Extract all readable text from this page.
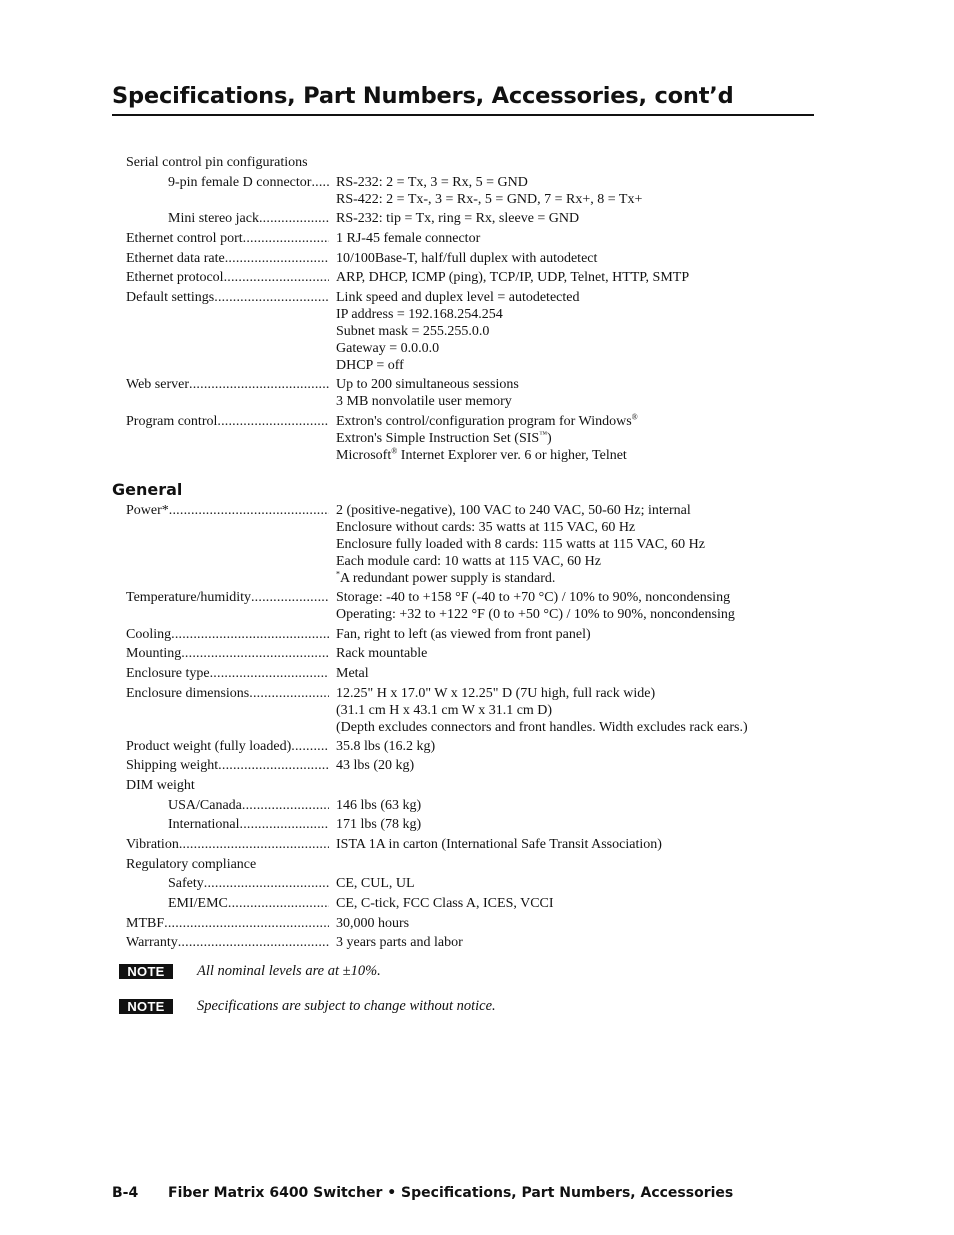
Specifications, Part Numbers, Accessories, cont’d
Serial control pin configurations
9-pin female D connector ..... RS-232: 2 = Tx, 3 = Rx, 5 = GND
RS-422: 2 = Tx-, 3 = Rx-, 5 = GND, 7 = Rx+, 8 = Tx+
Mini stereo jack .....	RS-232: tip = Tx, ring = Rx, sleeve = GND
Ethernet control port .....	1 RJ-45 female connector
Ethernet data rate .....	10/100Base-T, half/full duplex with autodetect
Ethernet protocol .....	ARP, DHCP, ICMP (ping), TCP/IP, UDP, Telnet, HTTP, SMTP
Default settings .....	Link speed and duplex level = autodetected
IP address = 192.168.254.254
Subnet mask = 255.255.0.0
Gateway = 0.0.0.0
DHCP = off
Web server .....	Up to 200 simultaneous sessions
3 MB nonvolatile user memory
Program control .....	Extron's control/configuration program for Windows®
Extron's Simple Instruction Set (SIS™)
Microsoft® Internet Explorer ver. 6 or higher, Telnet
General
Power* .....	2 (positive-negative), 100 VAC to 240 VAC, 50-60 Hz; internal
Enclosure without cards: 35 watts at 115 VAC, 60 Hz
Enclosure fully loaded with 8 cards: 115 watts at 115 VAC, 60 Hz
Each module card: 10 watts at 115 VAC, 60 Hz
*A redundant power supply is standard.
Temperature/humidity .....	Storage: -40 to +158 °F (-40 to +70 °C) / 10% to 90%, noncondensing
Operating: +32 to +122 °F (0 to +50 °C) / 10% to 90%, noncondensing
Cooling .....	Fan, right to left (as viewed from front panel)
Mounting .....	Rack mountable
Enclosure type .....	Metal
Enclosure dimensions .....	12.25" H x 17.0" W x 12.25" D (7U high, full rack wide)
(31.1 cm H x 43.1 cm W x 31.1 cm D)
(Depth excludes connectors and front handles. Width excludes rack ears.)
Product weight (fully loaded) .....	35.8 lbs (16.2 kg)
Shipping weight .....	43 lbs (20 kg)
DIM weight
USA/Canada .....	146 lbs (63 kg)
International .....	171 lbs (78 kg)
Vibration .....	ISTA 1A in carton (International Safe Transit Association)
Regulatory compliance
Safety .....	CE, CUL, UL
EMI/EMC .....	CE, C-tick, FCC Class A, ICES, VCCI
MTBF .....	30,000 hours
Warranty .....	3 years parts and labor
NOTE	All nominal levels are at ±10%.
NOTE	Specifications are subject to change without notice.
B-4 Fiber Matrix 6400 Switcher • Specifications, Part Numbers, Accessories
